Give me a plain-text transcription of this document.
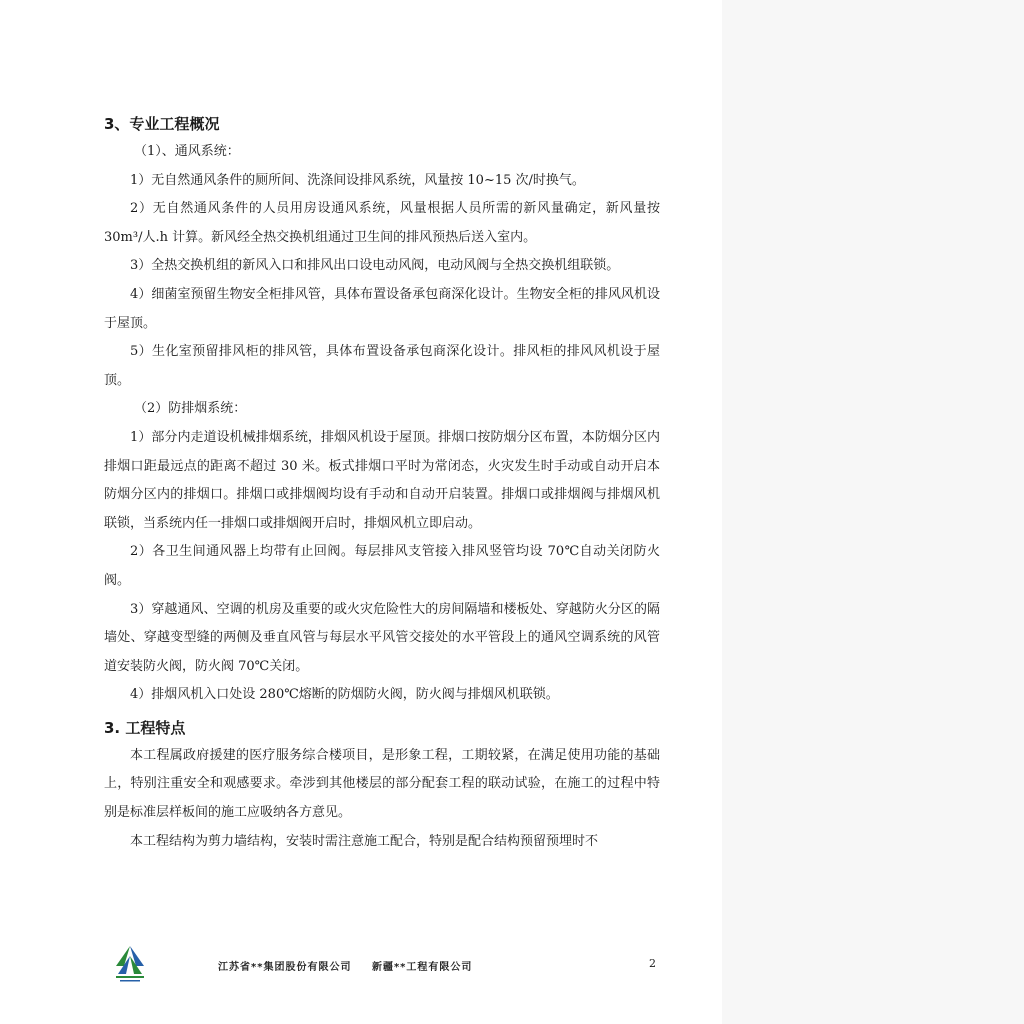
3、专业工程概况

（1）、通风系统：

1）无自然通风条件的厕所间、洗涤间设排风系统，风量按 10~15 次/时换气。

2）无自然通风条件的人员用房设通风系统，风量根据人员所需的新风量确定，新风量按 30m³/人.h 计算。新风经全热交换机组通过卫生间的排风预热后送入室内。

3）全热交换机组的新风入口和排风出口设电动风阀，电动风阀与全热交换机组联锁。

4）细菌室预留生物安全柜排风管，具体布置设备承包商深化设计。生物安全柜的排风风机设于屋顶。

5）生化室预留排风柜的排风管，具体布置设备承包商深化设计。排风柜的排风风机设于屋顶。

（2）防排烟系统：

1）部分内走道设机械排烟系统，排烟风机设于屋顶。排烟口按防烟分区布置，本防烟分区内排烟口距最远点的距离不超过 30 米。板式排烟口平时为常闭态，火灾发生时手动或自动开启本防烟分区内的排烟口。排烟口或排烟阀均设有手动和自动开启装置。排烟口或排烟阀与排烟风机联锁，当系统内任一排烟口或排烟阀开启时，排烟风机立即启动。

2）各卫生间通风器上均带有止回阀。每层排风支管接入排风竖管均设 70℃自动关闭防火阀。

3）穿越通风、空调的机房及重要的或火灾危险性大的房间隔墙和楼板处、穿越防火分区的隔墙处、穿越变型缝的两侧及垂直风管与每层水平风管交接处的水平管段上的通风空调系统的风管道安装防火阀，防火阀 70℃关闭。

4）排烟风机入口处设 280℃熔断的防烟防火阀，防火阀与排烟风机联锁。

3. 工程特点

本工程属政府援建的医疗服务综合楼项目，是形象工程，工期较紧，在满足使用功能的基础上，特别注重安全和观感要求。牵涉到其他楼层的部分配套工程的联动试验，在施工的过程中特别是标准层样板间的施工应吸纳各方意见。

本工程结构为剪力墙结构，安装时需注意施工配合，特别是配合结构预留预埋时不

江苏省**集团股份有限公司 新疆**工程有限公司	2
